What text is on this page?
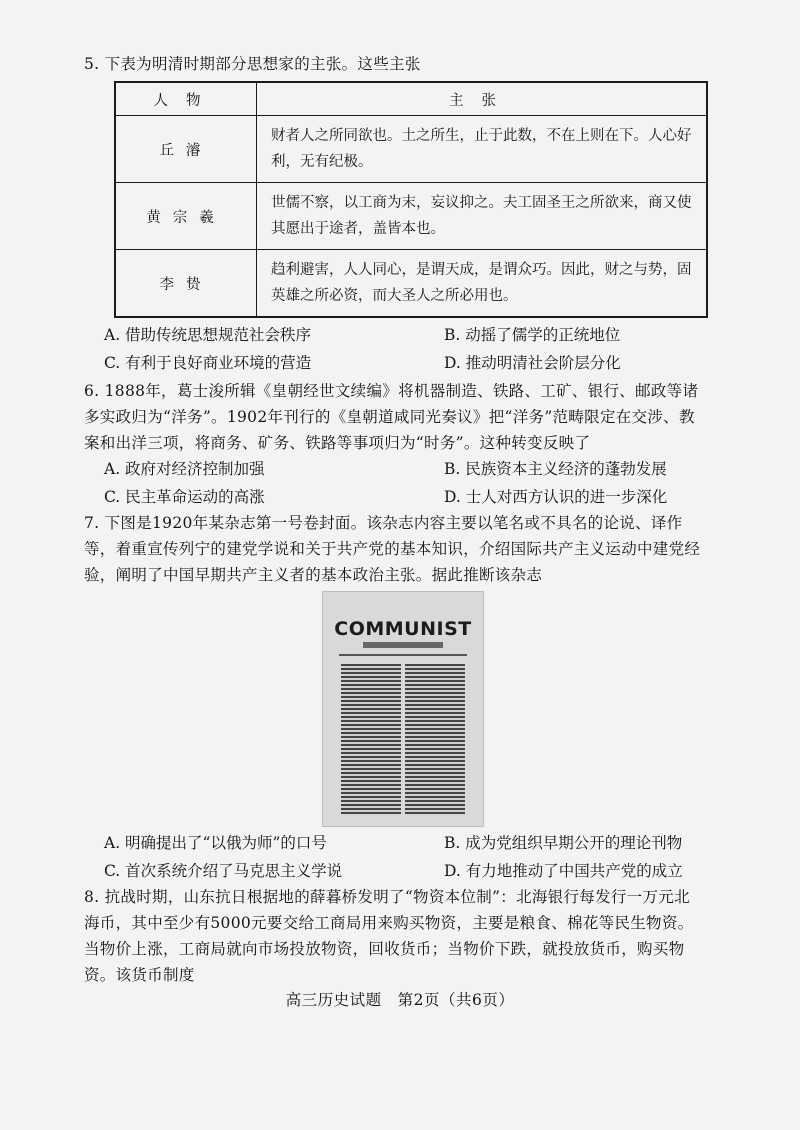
5. 下表为明清时期部分思想家的主张。这些主张
人物	主张
丘濬	财者人之所同欲也。土之所生，止于此数，不在上则在下。人心好利，无有纪极。
黄宗羲	世儒不察，以工商为末，妄议抑之。夫工固圣王之所欲来，商又使其愿出于途者，盖皆本也。
李贽	趋利避害，人人同心，是谓天成，是谓众巧。因此，财之与势，固英雄之所必资，而大圣人之所必用也。
A. 借助传统思想规范社会秩序	B. 动摇了儒学的正统地位
C. 有利于良好商业环境的营造	D. 推动明清社会阶层分化
6. 1888年，葛士浚所辑《皇朝经世文续编》将机器制造、铁路、工矿、银行、邮政等诸多实政归为“洋务”。1902年刊行的《皇朝道咸同光奏议》把“洋务”范畴限定在交涉、教案和出洋三项，将商务、矿务、铁路等事项归为“时务”。这种转变反映了
A. 政府对经济控制加强	B. 民族资本主义经济的蓬勃发展
C. 民主革命运动的高涨	D. 士人对西方认识的进一步深化
7. 下图是1920年某杂志第一号卷封面。该杂志内容主要以笔名或不具名的论说、译作等，着重宣传列宁的建党学说和关于共产党的基本知识，介绍国际共产主义运动中建党经验，阐明了中国早期共产主义者的基本政治主张。据此推断该杂志
COMMUNIST
A. 明确提出了“以俄为师”的口号	B. 成为党组织早期公开的理论刊物
C. 首次系统介绍了马克思主义学说	D. 有力地推动了中国共产党的成立
8. 抗战时期，山东抗日根据地的薛暮桥发明了“物资本位制”：北海银行每发行一万元北海币，其中至少有5000元要交给工商局用来购买物资，主要是粮食、棉花等民生物资。当物价上涨，工商局就向市场投放物资，回收货币；当物价下跌，就投放货币，购买物资。该货币制度
高三历史试题　第2页（共6页）
